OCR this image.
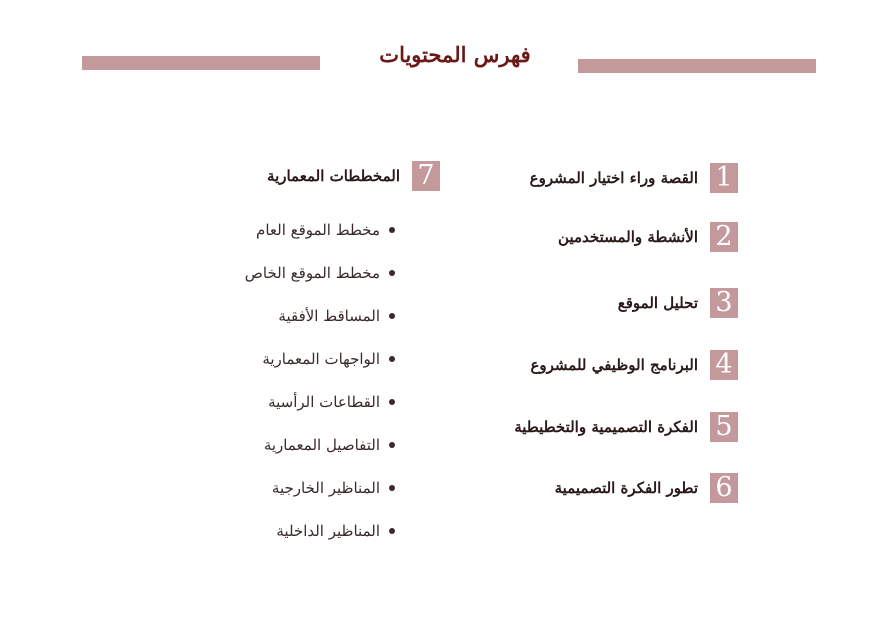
فهرس المحتويات
1
القصة وراء اختيار المشروع
2
الأنشطة والمستخدمين
3
تحليل الموقع
4
البرنامج الوظيفي للمشروع
5
الفكرة التصميمية والتخطيطية
6
تطور الفكرة التصميمية
7
المخططات المعمارية
مخطط الموقع العام
مخطط الموقع الخاص
المساقط الأفقية
الواجهات المعمارية
القطاعات الرأسية
التفاصيل المعمارية
المناظير الخارجية
المناظير الداخلية
